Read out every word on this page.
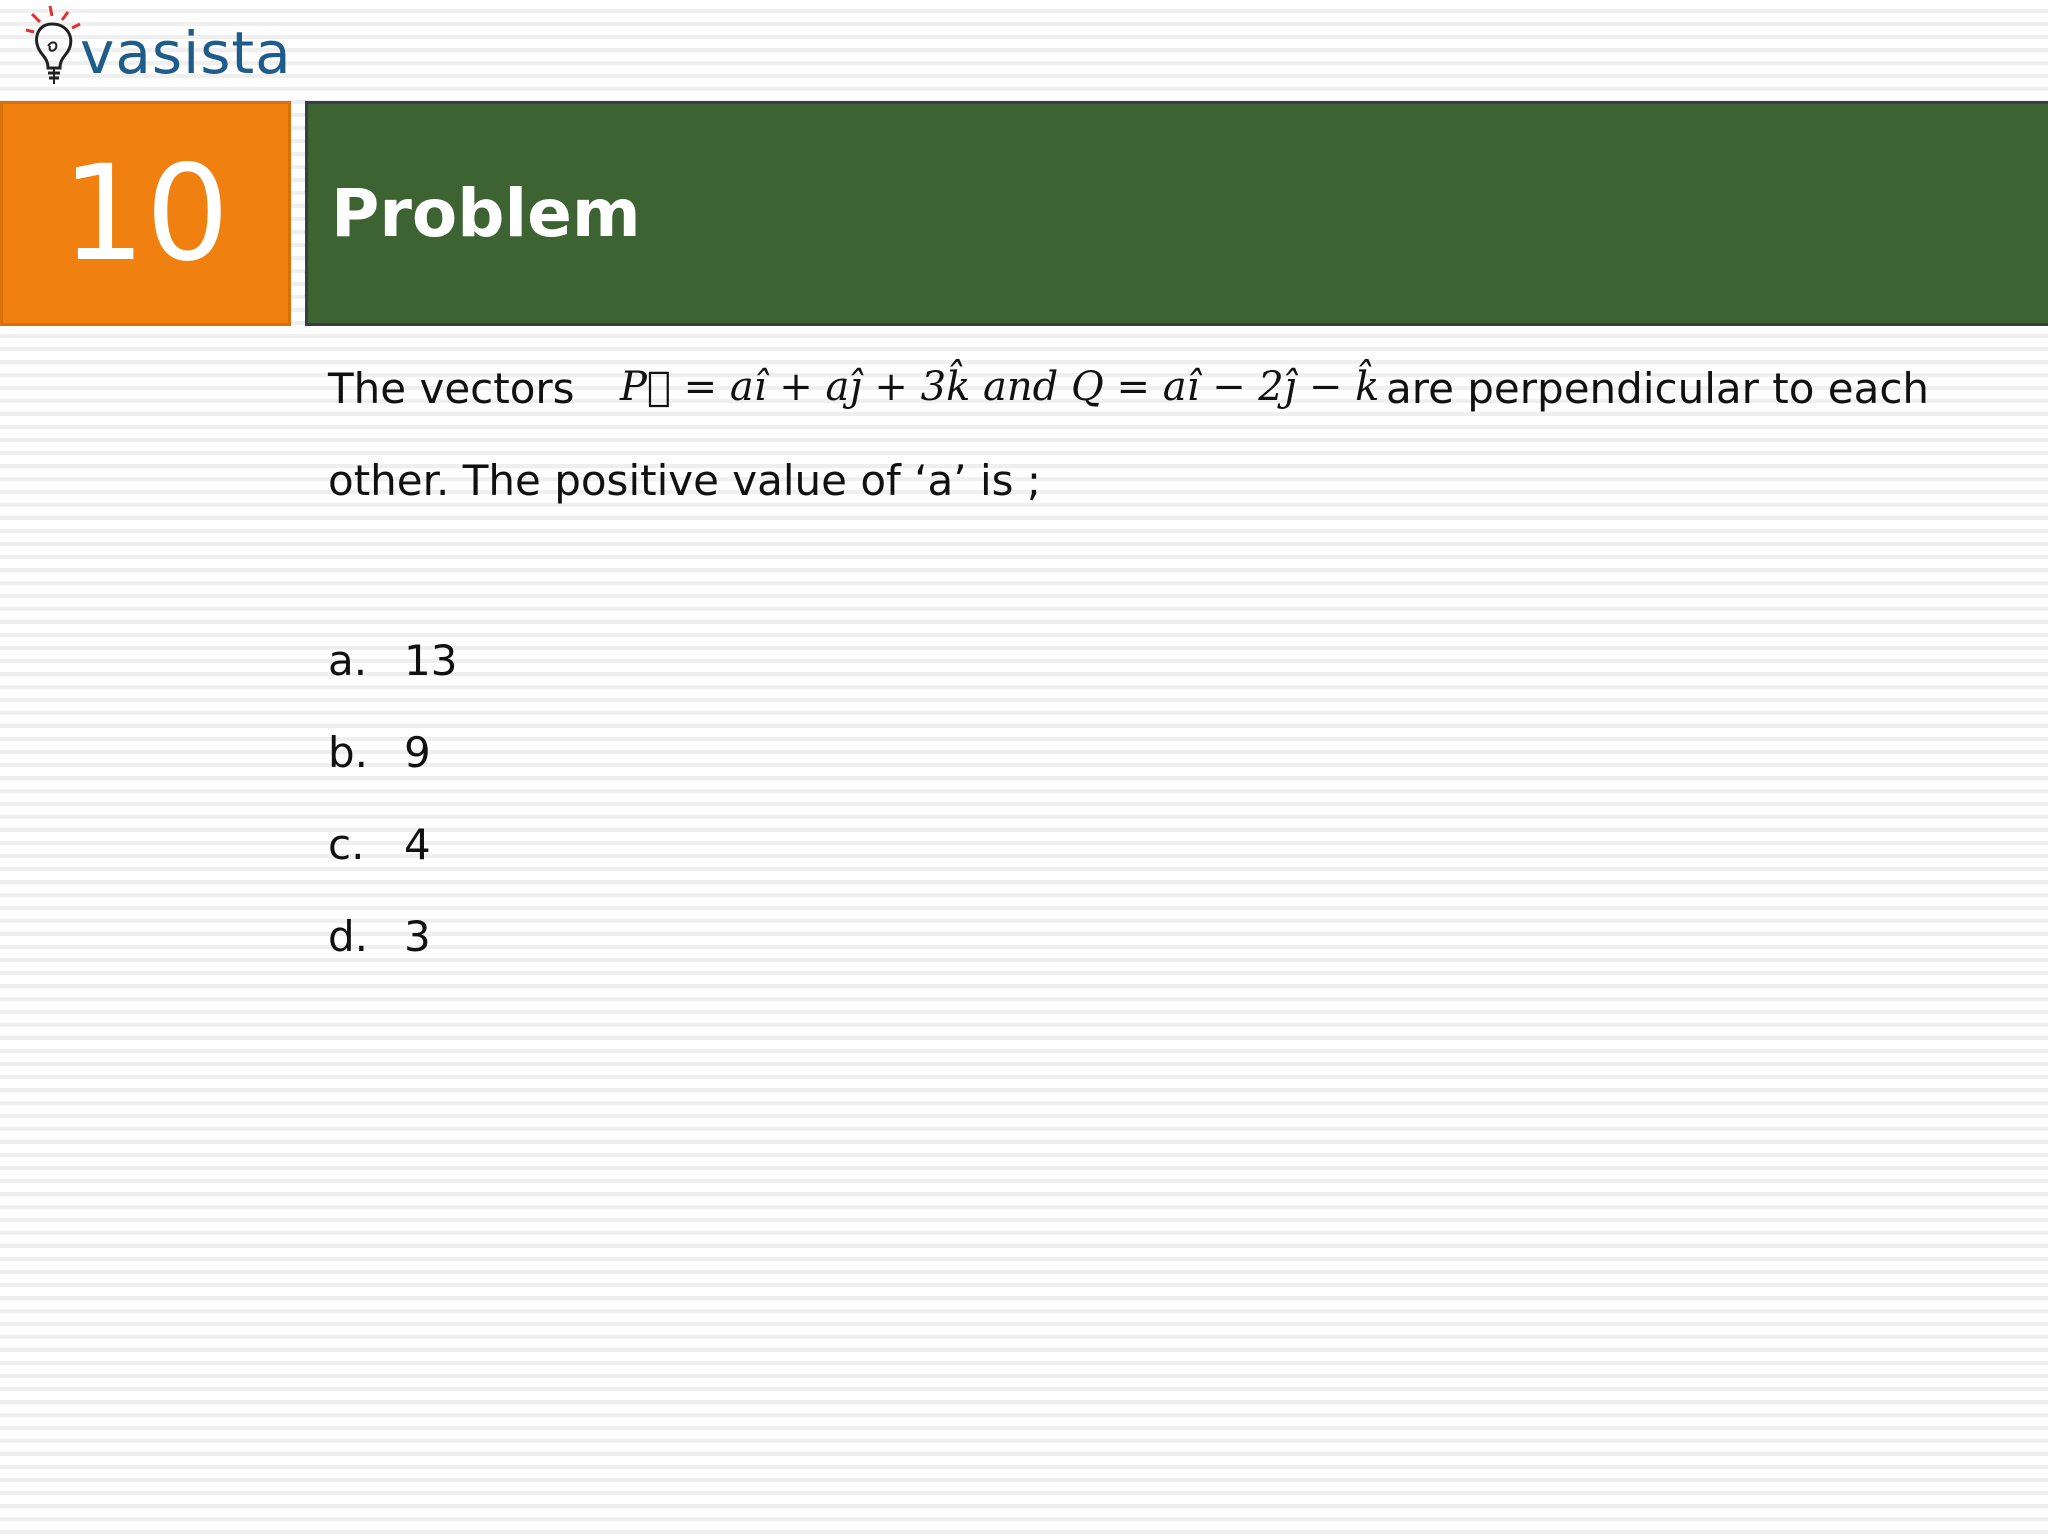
vasista
10 Problem
The vectors P⃗ = aî + aĵ + 3k̂ and Q = aî − 2ĵ − k̂ are perpendicular to each
other. The positive value of ‘a’ is ;
a. 13
b. 9
c. 4
d. 3
